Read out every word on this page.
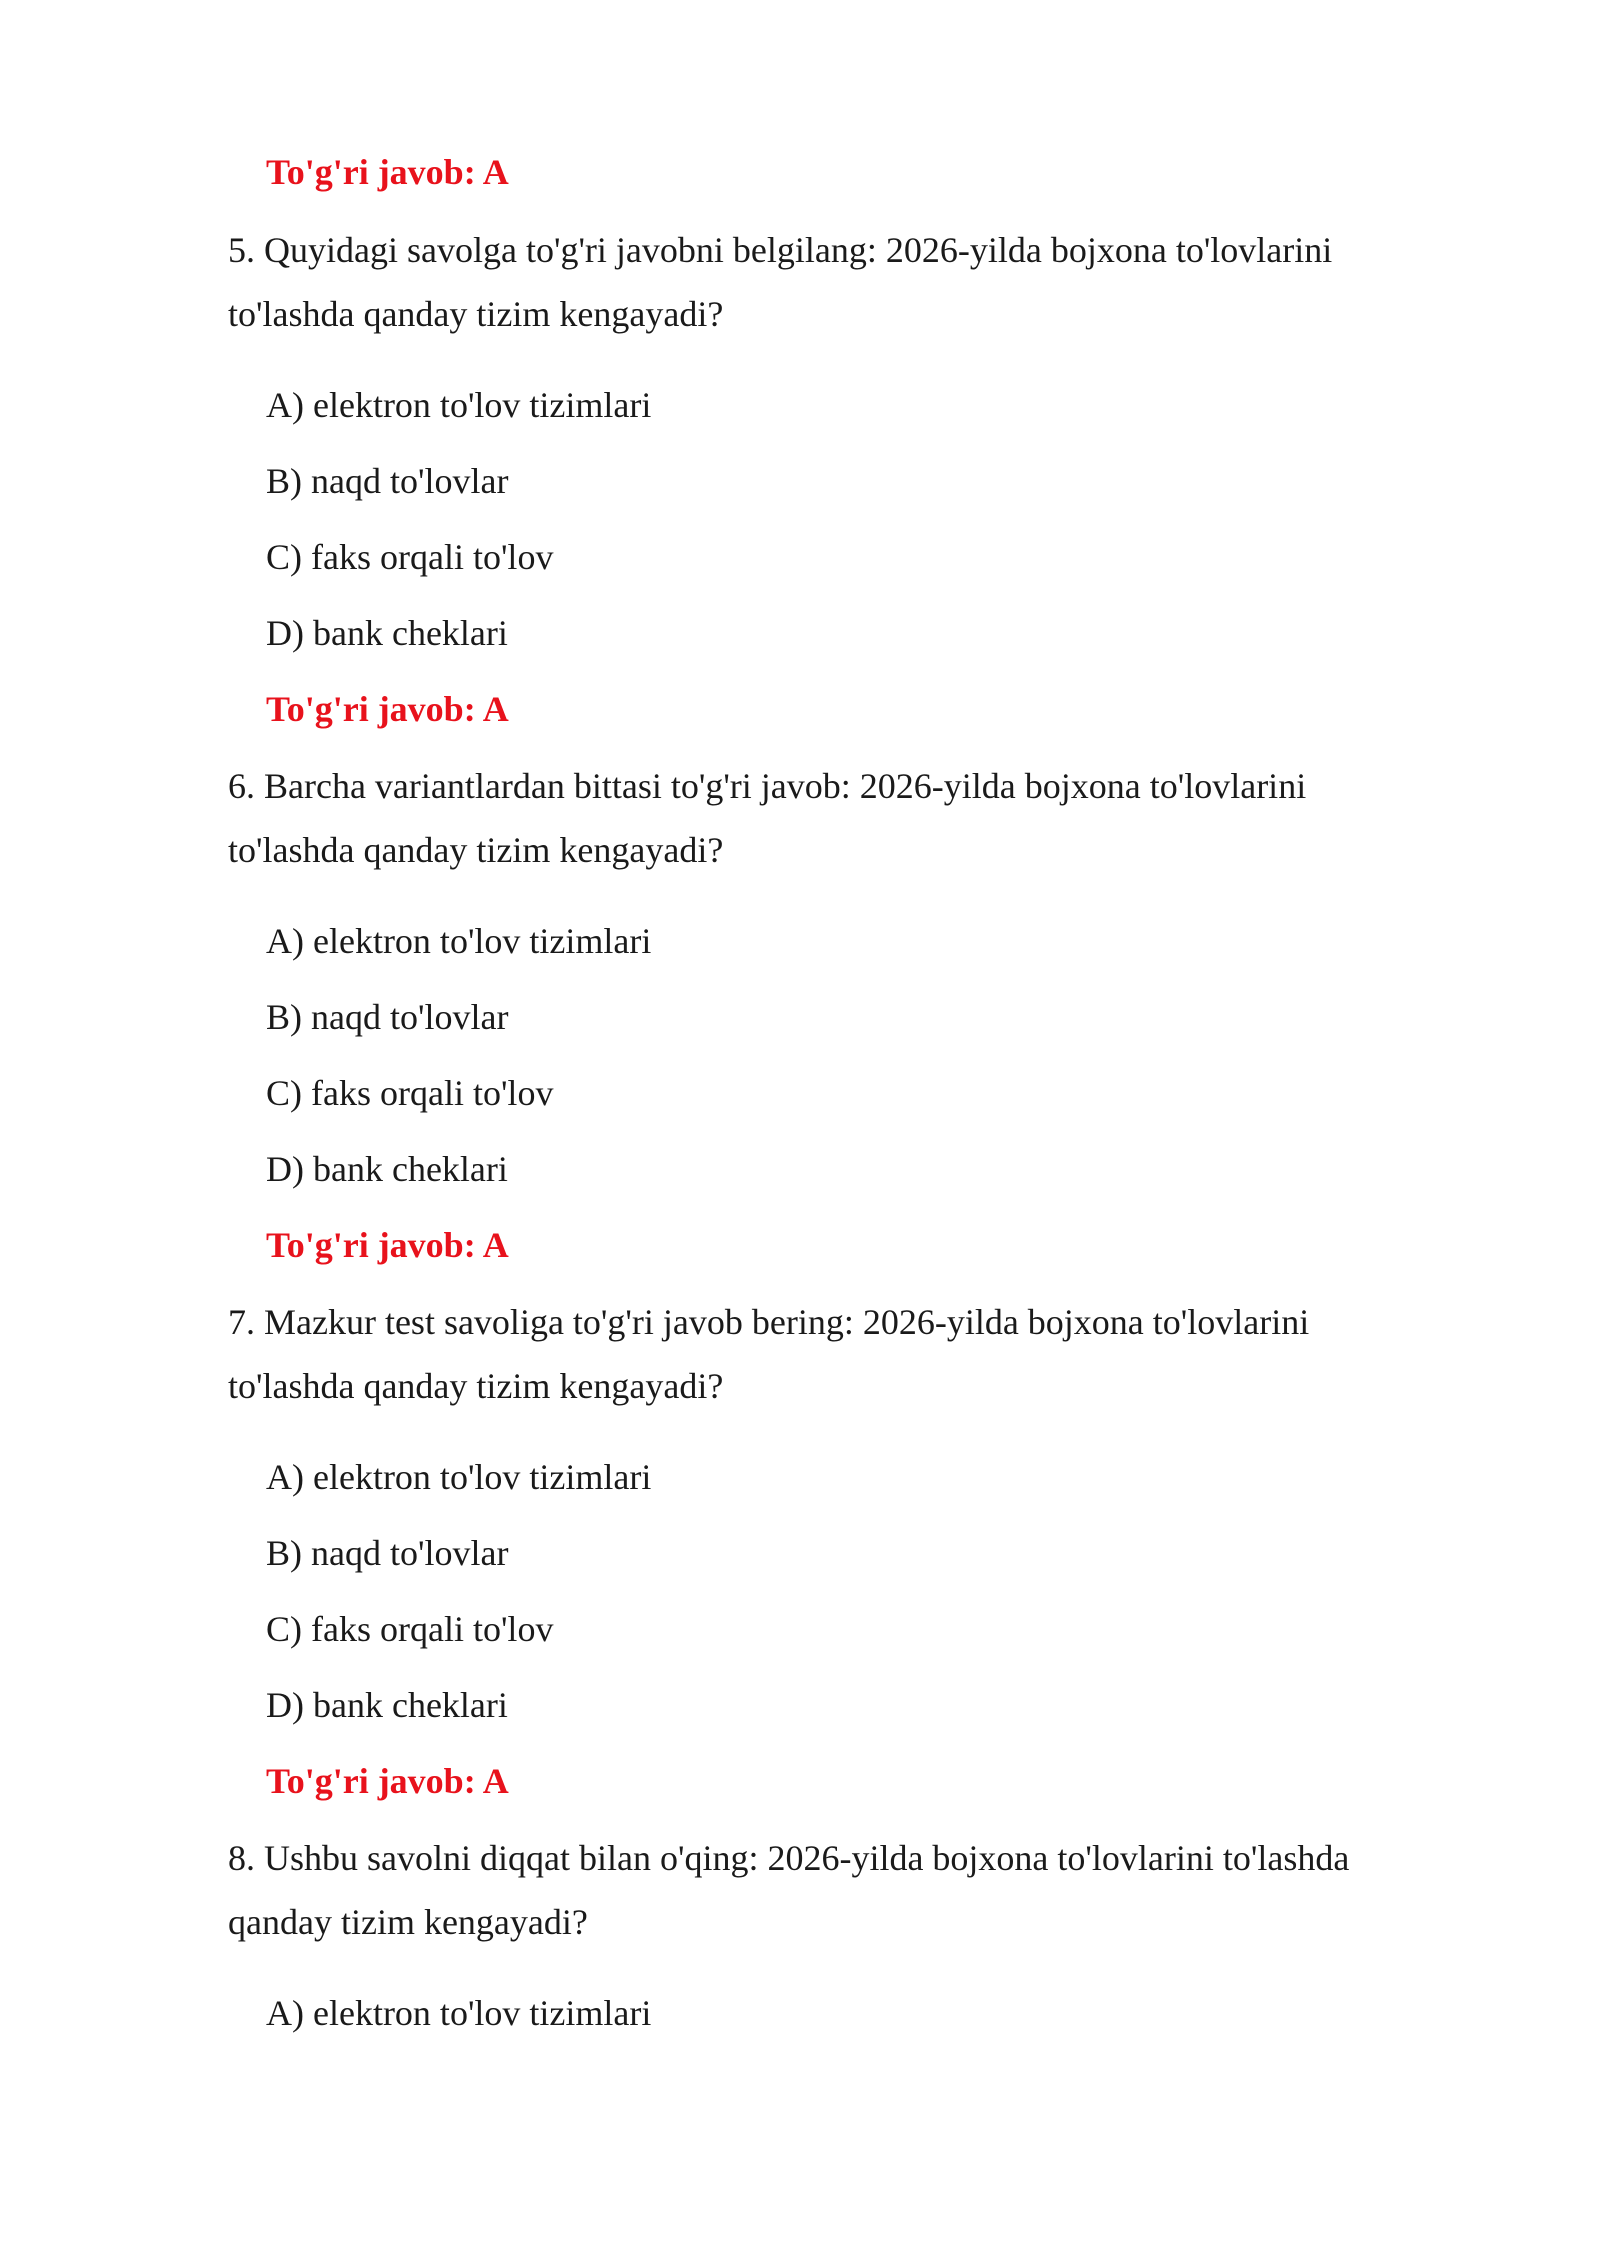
To'g'ri javob: A
5. Quyidagi savolga to'g'ri javobni belgilang: 2026-yilda bojxona to'lovlarini
to'lashda qanday tizim kengayadi?
A) elektron to'lov tizimlari
B) naqd to'lovlar
C) faks orqali to'lov
D) bank cheklari
To'g'ri javob: A
6. Barcha variantlardan bittasi to'g'ri javob: 2026-yilda bojxona to'lovlarini
to'lashda qanday tizim kengayadi?
A) elektron to'lov tizimlari
B) naqd to'lovlar
C) faks orqali to'lov
D) bank cheklari
To'g'ri javob: A
7. Mazkur test savoliga to'g'ri javob bering: 2026-yilda bojxona to'lovlarini
to'lashda qanday tizim kengayadi?
A) elektron to'lov tizimlari
B) naqd to'lovlar
C) faks orqali to'lov
D) bank cheklari
To'g'ri javob: A
8. Ushbu savolni diqqat bilan o'qing: 2026-yilda bojxona to'lovlarini to'lashda
qanday tizim kengayadi?
A) elektron to'lov tizimlari
